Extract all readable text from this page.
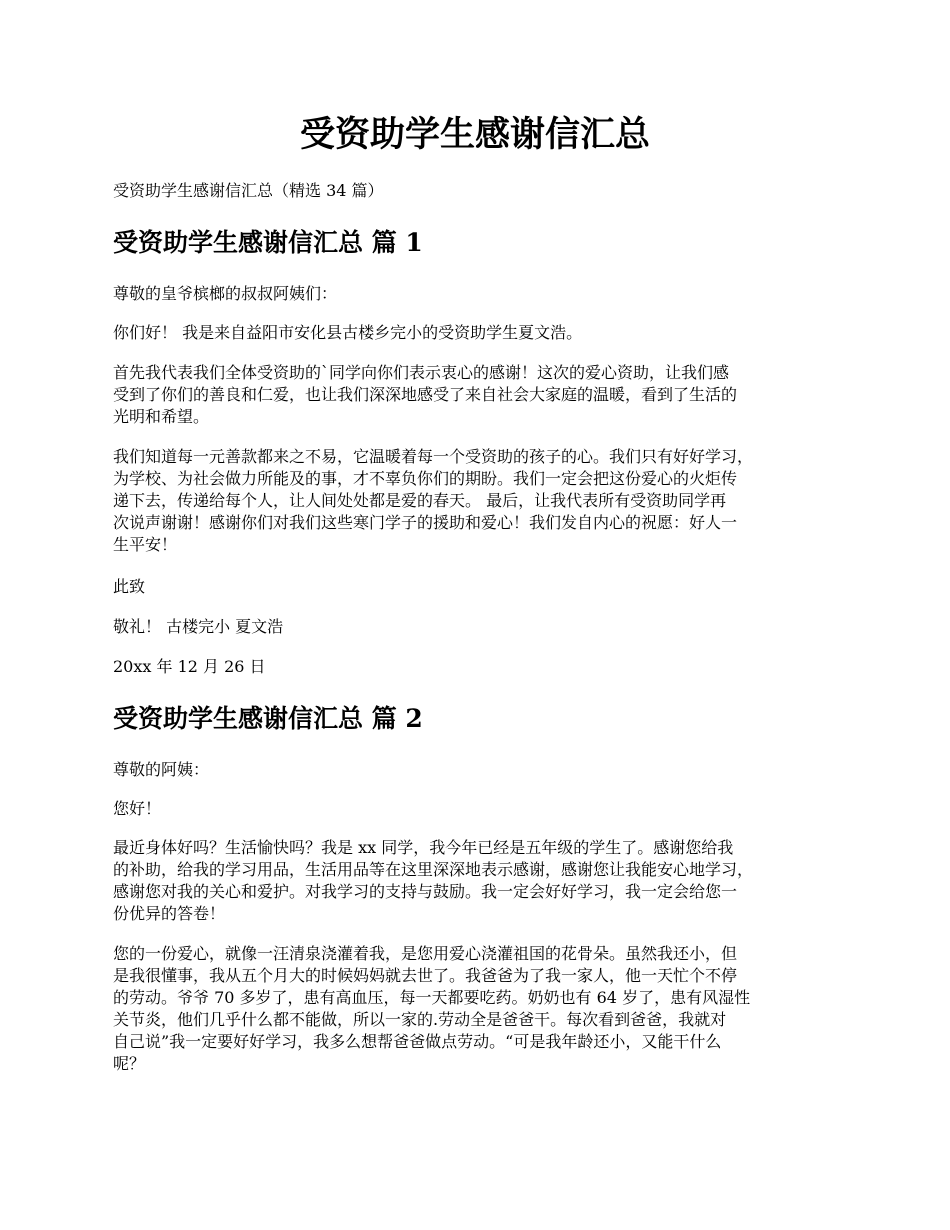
受资助学生感谢信汇总

受资助学生感谢信汇总（精选 34 篇）

受资助学生感谢信汇总 篇 1

尊敬的皇爷槟榔的叔叔阿姨们：

你们好！ 我是来自益阳市安化县古楼乡完小的受资助学生夏文浩。

首先我代表我们全体受资助的`同学向你们表示衷心的感谢！这次的爱心资助，让我们感
受到了你们的善良和仁爱，也让我们深深地感受了来自社会大家庭的温暖，看到了生活的
光明和希望。

我们知道每一元善款都来之不易，它温暖着每一个受资助的孩子的心。我们只有好好学习，
为学校、为社会做力所能及的事，才不辜负你们的期盼。我们一定会把这份爱心的火炬传
递下去，传递给每个人，让人间处处都是爱的春天。 最后，让我代表所有受资助同学再
次说声谢谢！感谢你们对我们这些寒门学子的援助和爱心！我们发自内心的祝愿：好人一
生平安！

此致

敬礼！ 古楼完小 夏文浩

20xx 年 12 月 26 日

受资助学生感谢信汇总 篇 2

尊敬的阿姨：

您好！

最近身体好吗？生活愉快吗？我是 xx 同学，我今年已经是五年级的学生了。感谢您给我
的补助，给我的学习用品，生活用品等在这里深深地表示感谢，感谢您让我能安心地学习，
感谢您对我的关心和爱护。对我学习的支持与鼓励。我一定会好好学习，我一定会给您一
份优异的答卷！

您的一份爱心，就像一汪清泉浇灌着我，是您用爱心浇灌祖国的花骨朵。虽然我还小，但
是我很懂事，我从五个月大的时候妈妈就去世了。我爸爸为了我一家人，他一天忙个不停
的劳动。爷爷 70 多岁了，患有高血压，每一天都要吃药。奶奶也有 64 岁了，患有风湿性
关节炎，他们几乎什么都不能做，所以一家的.劳动全是爸爸干。每次看到爸爸，我就对
自己说”我一定要好好学习，我多么想帮爸爸做点劳动。“可是我年龄还小，又能干什么
呢？
